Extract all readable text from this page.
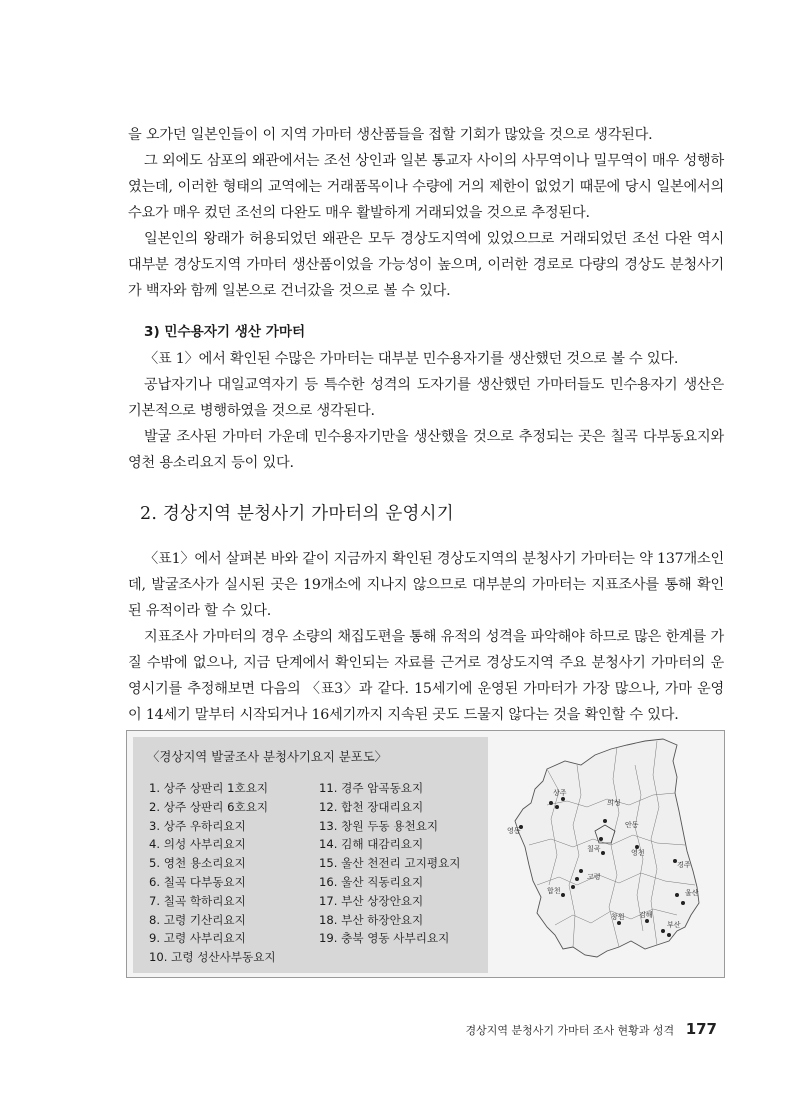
을 오가던 일본인들이 이 지역 가마터 생산품들을 접할 기회가 많았을 것으로 생각된다.

그 외에도 삼포의 왜관에서는 조선 상인과 일본 통교자 사이의 사무역이나 밀무역이 매우 성행하였는데, 이러한 형태의 교역에는 거래품목이나 수량에 거의 제한이 없었기 때문에 당시 일본에서의 수요가 매우 컸던 조선의 다완도 매우 활발하게 거래되었을 것으로 추정된다.

일본인의 왕래가 허용되었던 왜관은 모두 경상도지역에 있었으므로 거래되었던 조선 다완 역시 대부분 경상도지역 가마터 생산품이었을 가능성이 높으며, 이러한 경로로 다량의 경상도 분청사기가 백자와 함께 일본으로 건너갔을 것으로 볼 수 있다.

3) 민수용자기 생산 가마터

〈표 1〉에서 확인된 수많은 가마터는 대부분 민수용자기를 생산했던 것으로 볼 수 있다.

공납자기나 대일교역자기 등 특수한 성격의 도자기를 생산했던 가마터들도 민수용자기 생산은 기본적으로 병행하였을 것으로 생각된다.

발굴 조사된 가마터 가운데 민수용자기만을 생산했을 것으로 추정되는 곳은 칠곡 다부동요지와 영천 용소리요지 등이 있다.

2. 경상지역 분청사기 가마터의 운영시기

〈표1〉에서 살펴본 바와 같이 지금까지 확인된 경상도지역의 분청사기 가마터는 약 137개소인데, 발굴조사가 실시된 곳은 19개소에 지나지 않으므로 대부분의 가마터는 지표조사를 통해 확인된 유적이라 할 수 있다.

지표조사 가마터의 경우 소량의 채집도편을 통해 유적의 성격을 파악해야 하므로 많은 한계를 가질 수밖에 없으나, 지금 단계에서 확인되는 자료를 근거로 경상도지역 주요 분청사기 가마터의 운영시기를 추정해보면 다음의 〈표3〉과 같다. 15세기에 운영된 가마터가 가장 많으나, 가마 운영이 14세기 말부터 시작되거나 16세기까지 지속된 곳도 드물지 않다는 것을 확인할 수 있다.

〈경상지역 발굴조사 분청사기요지 분포도〉

1. 상주 상판리 1호요지
2. 상주 상판리 6호요지
3. 상주 우하리요지
4. 의성 사부리요지
5. 영천 용소리요지
6. 칠곡 다부동요지
7. 칠곡 학하리요지
8. 고령 기산리요지
9. 고령 사부리요지
10. 고령 성산사부동요지
11. 경주 암곡동요지
12. 합천 장대리요지
13. 창원 두동 용천요지
14. 김해 대감리요지
15. 울산 천전리 고지평요지
16. 울산 직동리요지
17. 부산 상장안요지
18. 부산 하장안요지
19. 충북 영동 사부리요지
상주
의성
영동
안동
칠곡	영천
경주
고령
합천	울산
창원 김해
부산
경상지역 분청사기 가마터 조사 현황과 성격 177
